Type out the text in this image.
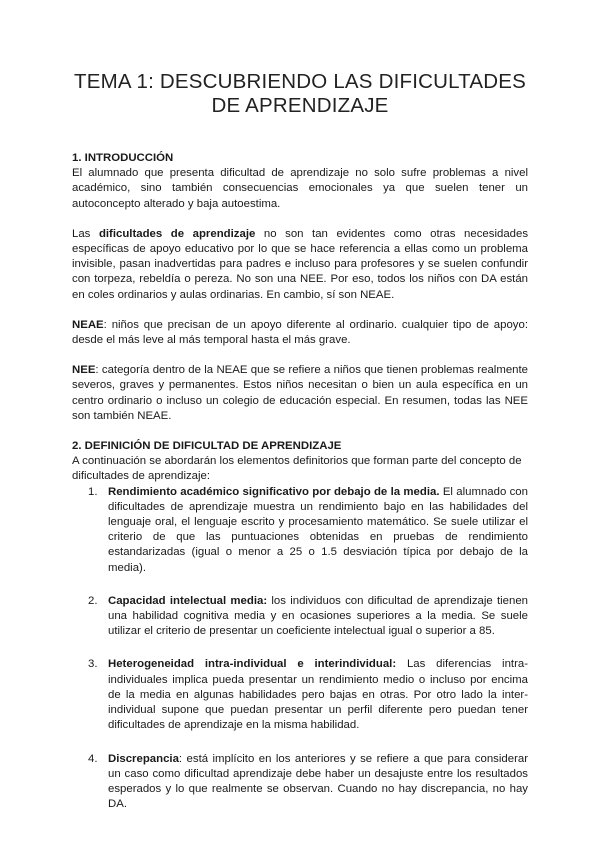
TEMA 1: DESCUBRIENDO LAS DIFICULTADES
DE APRENDIZAJE

1. INTRODUCCIÓN

El alumnado que presenta dificultad de aprendizaje no solo sufre problemas a nivel académico, sino también consecuencias emocionales ya que suelen tener un autoconcepto alterado y baja autoestima.

Las dificultades de aprendizaje no son tan evidentes como otras necesidades específicas de apoyo educativo por lo que se hace referencia a ellas como un problema invisible, pasan inadvertidas para padres e incluso para profesores y se suelen confundir con torpeza, rebeldía o pereza. No son una NEE. Por eso, todos los niños con DA están en coles ordinarios y aulas ordinarias. En cambio, sí son NEAE.

NEAE: niños que precisan de un apoyo diferente al ordinario. cualquier tipo de apoyo: desde el más leve al más temporal hasta el más grave.

NEE: categoría dentro de la NEAE que se refiere a niños que tienen problemas realmente severos, graves y permanentes. Estos niños necesitan o bien un aula específica en un centro ordinario o incluso un colegio de educación especial. En resumen, todas las NEE son también NEAE.

2. DEFINICIÓN DE DIFICULTAD DE APRENDIZAJE

A continuación se abordarán los elementos definitorios que forman parte del concepto de dificultades de aprendizaje:

1. Rendimiento académico significativo por debajo de la media. El alumnado con dificultades de aprendizaje muestra un rendimiento bajo en las habilidades del lenguaje oral, el lenguaje escrito y procesamiento matemático. Se suele utilizar el criterio de que las puntuaciones obtenidas en pruebas de rendimiento estandarizadas (igual o menor a 25 o 1.5 desviación típica por debajo de la media).
2. Capacidad intelectual media: los individuos con dificultad de aprendizaje tienen una habilidad cognitiva media y en ocasiones superiores a la media. Se suele utilizar el criterio de presentar un coeficiente intelectual igual o superior a 85.
3. Heterogeneidad intra-individual e interindividual: Las diferencias intra-individuales implica pueda presentar un rendimiento medio o incluso por encima de la media en algunas habilidades pero bajas en otras. Por otro lado la inter- individual supone que puedan presentar un perfil diferente pero puedan tener dificultades de aprendizaje en la misma habilidad.
4. Discrepancia: está implícito en los anteriores y se refiere a que para considerar un caso como dificultad aprendizaje debe haber un desajuste entre los resultados esperados y lo que realmente se observan. Cuando no hay discrepancia, no hay DA.
